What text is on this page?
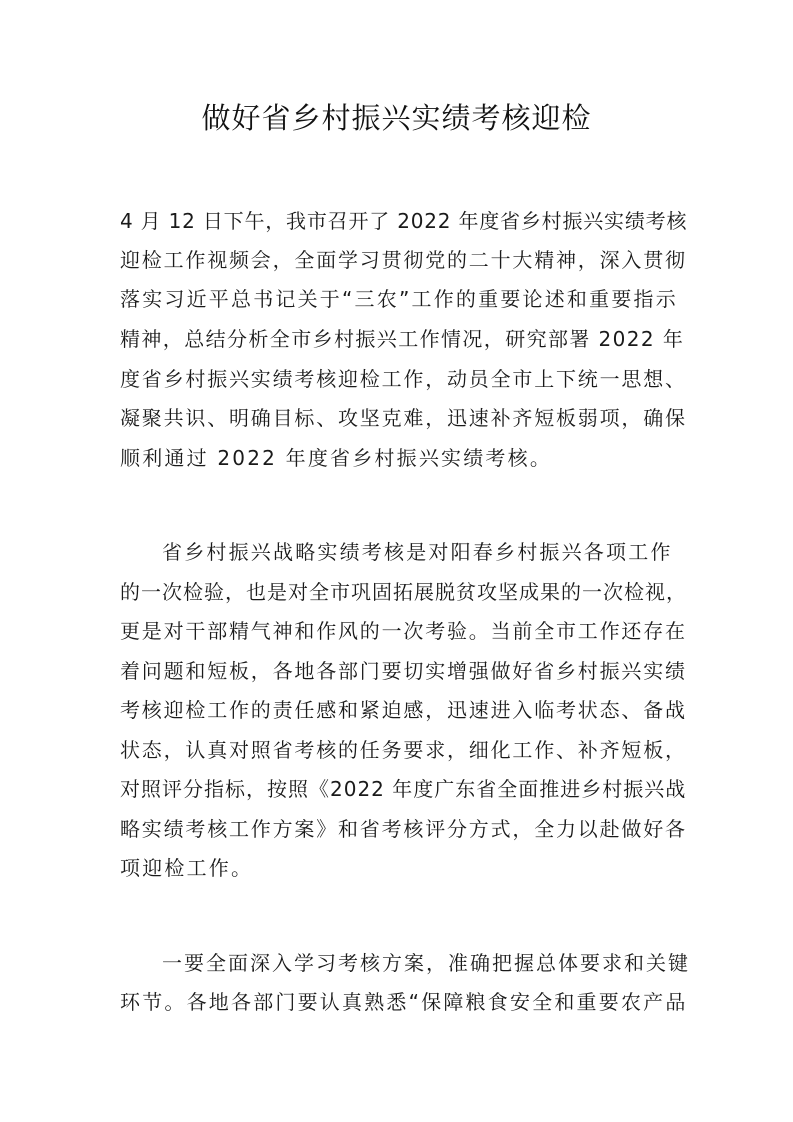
做好省乡村振兴实绩考核迎检
4 月 12 日下午，我市召开了 2022 年度省乡村振兴实绩考核
迎检工作视频会，全面学习贯彻党的二十大精神，深入贯彻
落实习近平总书记关于“三农”工作的重要论述和重要指示
精神，总结分析全市乡村振兴工作情况，研究部署 2022 年
度省乡村振兴实绩考核迎检工作，动员全市上下统一思想、
凝聚共识、明确目标、攻坚克难，迅速补齐短板弱项，确保
顺利通过 2022 年度省乡村振兴实绩考核。
省乡村振兴战略实绩考核是对阳春乡村振兴各项工作
的一次检验，也是对全市巩固拓展脱贫攻坚成果的一次检视，
更是对干部精气神和作风的一次考验。当前全市工作还存在
着问题和短板，各地各部门要切实增强做好省乡村振兴实绩
考核迎检工作的责任感和紧迫感，迅速进入临考状态、备战
状态，认真对照省考核的任务要求，细化工作、补齐短板，
对照评分指标，按照《2022 年度广东省全面推进乡村振兴战
略实绩考核工作方案》和省考核评分方式，全力以赴做好各
项迎检工作。
一要全面深入学习考核方案，准确把握总体要求和关键
环节。各地各部门要认真熟悉“保障粮食安全和重要农产品
